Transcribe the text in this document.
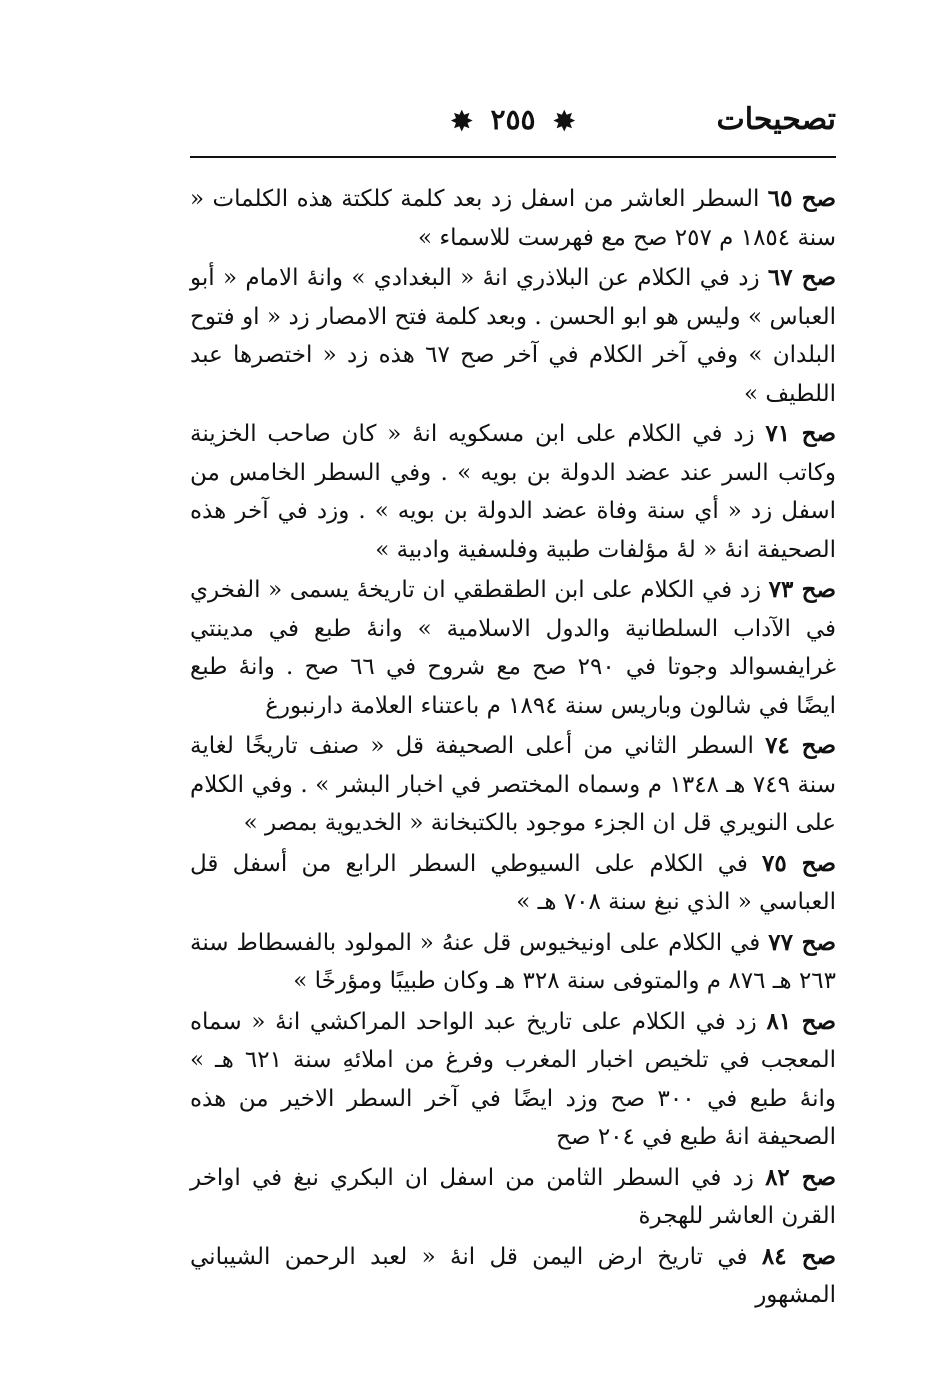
تصحيحات
✸ ٢٥٥ ✸

صح ٦٥ السطر العاشر من اسفل زد بعد كلمة كلكتة هذه الكلمات « سنة ١٨٥٤ م ٢٥٧ صح مع فهرست للاسماء »

صح ٦٧ زد في الكلام عن البلاذري انهٔ « البغدادي » وانهٔ الامام « أبو العباس » وليس هو ابو الحسن . وبعد كلمة فتح الامصار زد « او فتوح البلدان » وفي آخر الكلام في آخر صح ٦٧ هذه زد « اختصرها عبد اللطيف »

صح ٧١ زد في الكلام على ابن مسكويه انهٔ « كان صاحب الخزينة وكاتب السر عند عضد الدولة بن بويه » . وفي السطر الخامس من اسفل زد « أي سنة وفاة عضد الدولة بن بويه » . وزد في آخر هذه الصحيفة انهٔ « لهٔ مؤلفات طبية وفلسفية وادبية »

صح ٧٣ زد في الكلام على ابن الطقطقي ان تاريخهٔ يسمى « الفخري في الآداب السلطانية والدول الاسلامية » وانهٔ طبع في مدينتي غرايفسوالد وجوتا في ٢٩٠ صح مع شروح في ٦٦ صح . وانهٔ طبع ايضًا في شالون وباريس سنة ١٨٩٤ م باعتناء العلامة دارنبورغ

صح ٧٤ السطر الثاني من أعلى الصحيفة قل « صنف تاريخًا لغاية سنة ٧٤٩ هـ ١٣٤٨ م وسماه المختصر في اخبار البشر » . وفي الكلام على النويري قل ان الجزء موجود بالكتبخانة « الخديوية بمصر »

صح ٧٥ في الكلام على السيوطي السطر الرابع من أسفل قل العباسي « الذي نبغ سنة ٧٠٨ هـ »

صح ٧٧ في الكلام على اونيخيوس قل عنهُ « المولود بالفسطاط سنة ٢٦٣ هـ ٨٧٦ م والمتوفى سنة ٣٢٨ هـ وكان طبيبًا ومؤرخًا »

صح ٨١ زد في الكلام على تاريخ عبد الواحد المراكشي انهٔ « سماه المعجب في تلخيص اخبار المغرب وفرغ من املائهِ سنة ٦٢١ هـ » وانهٔ طبع في ٣٠٠ صح وزد ايضًا في آخر السطر الاخير من هذه الصحيفة انهٔ طبع في ٢٠٤ صح

صح ٨٢ زد في السطر الثامن من اسفل ان البكري نبغ في اواخر القرن العاشر للهجرة

صح ٨٤ في تاريخ ارض اليمن قل انهٔ « لعبد الرحمن الشيباني المشهور
